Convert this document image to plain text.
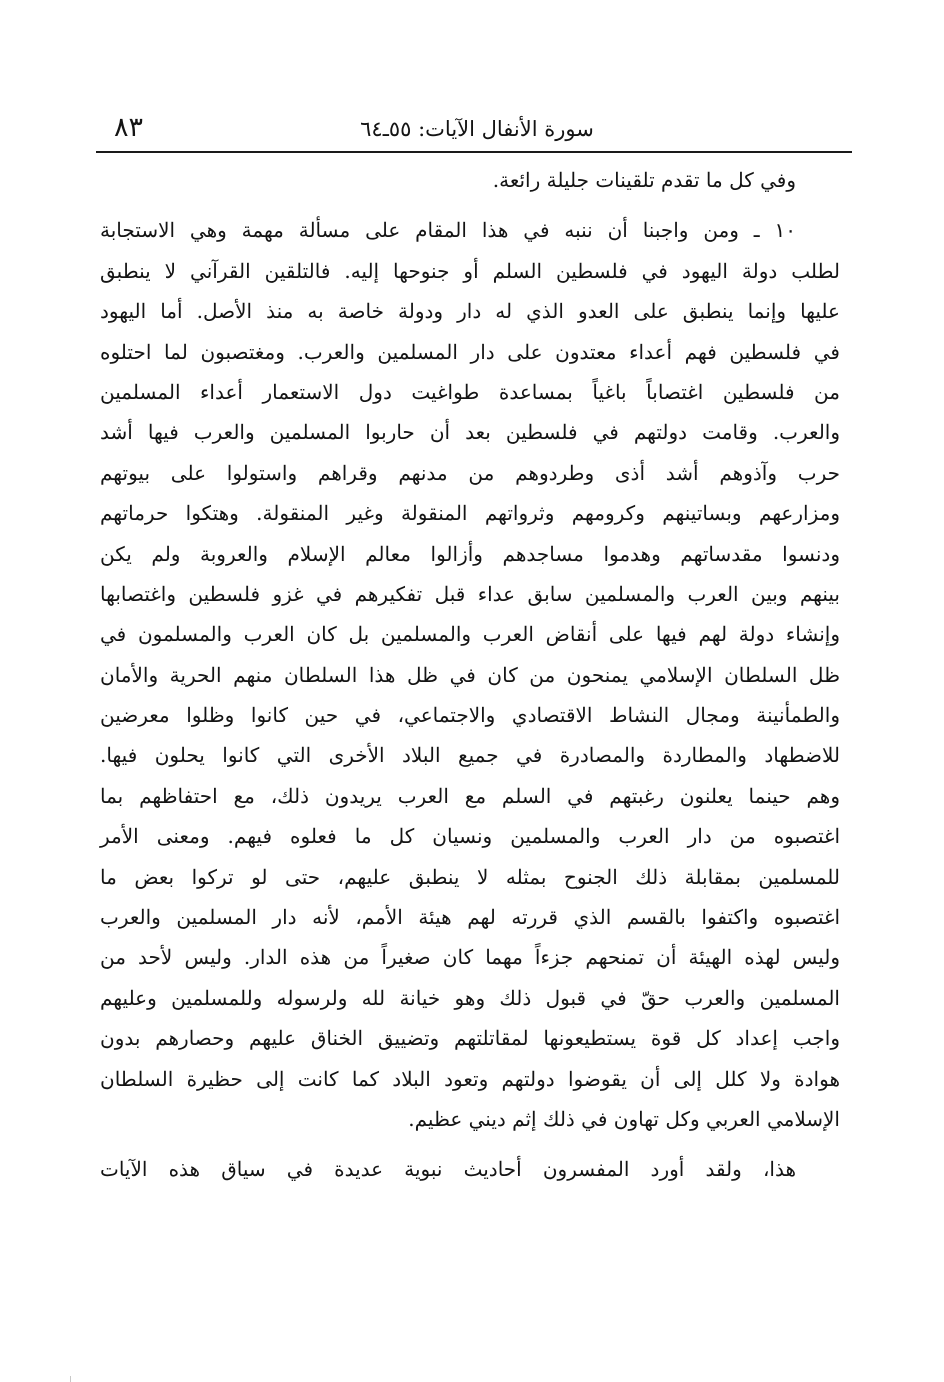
٨٣	سورة الأنفال الآيات: ٥٥ـ٦٤
وفي كل ما تقدم تلقينات جليلة رائعة.
١٠ ـ ومن واجبنا أن ننبه في هذا المقام على مسألة مهمة وهي الاستجابة
لطلب دولة اليهود في فلسطين السلم أو جنوحها إليه. فالتلقين القرآني لا ينطبق
عليها وإنما ينطبق على العدو الذي له دار ودولة خاصة به منذ الأصل. أما اليهود
في فلسطين فهم أعداء معتدون على دار المسلمين والعرب. ومغتصبون لما احتلوه
من فلسطين اغتصاباً باغياً بمساعدة طواغيت دول الاستعمار أعداء المسلمين
والعرب. وقامت دولتهم في فلسطين بعد أن حاربوا المسلمين والعرب فيها أشد
حرب وآذوهم أشد أذى وطردوهم من مدنهم وقراهم واستولوا على بيوتهم
ومزارعهم وبساتينهم وكرومهم وثرواتهم المنقولة وغير المنقولة. وهتكوا حرماتهم
ودنسوا مقدساتهم وهدموا مساجدهم وأزالوا معالم الإسلام والعروبة ولم يكن
بينهم وبين العرب والمسلمين سابق عداء قبل تفكيرهم في غزو فلسطين واغتصابها
وإنشاء دولة لهم فيها على أنقاض العرب والمسلمين بل كان العرب والمسلمون في
ظل السلطان الإسلامي يمنحون من كان في ظل هذا السلطان منهم الحرية والأمان
والطمأنينة ومجال النشاط الاقتصادي والاجتماعي، في حين كانوا وظلوا معرضين
للاضطهاد والمطاردة والمصادرة في جميع البلاد الأخرى التي كانوا يحلون فيها.
وهم حينما يعلنون رغبتهم في السلم مع العرب يريدون ذلك، مع احتفاظهم بما
اغتصبوه من دار العرب والمسلمين ونسيان كل ما فعلوه فيهم. ومعنى الأمر
للمسلمين بمقابلة ذلك الجنوح بمثله لا ينطبق عليهم، حتى لو تركوا بعض ما
اغتصبوه واكتفوا بالقسم الذي قررته لهم هيئة الأمم، لأنه دار المسلمين والعرب
وليس لهذه الهيئة أن تمنحهم جزءاً مهما كان صغيراً من هذه الدار. وليس لأحد من
المسلمين والعرب حقّ في قبول ذلك وهو خيانة لله ولرسوله وللمسلمين وعليهم
واجب إعداد كل قوة يستطيعونها لمقاتلتهم وتضييق الخناق عليهم وحصارهم بدون
هوادة ولا كلل إلى أن يقوضوا دولتهم وتعود البلاد كما كانت إلى حظيرة السلطان
الإسلامي العربي وكل تهاون في ذلك إثم ديني عظيم.
هذا، ولقد أورد المفسرون أحاديث نبوية عديدة في سياق هذه الآيات
